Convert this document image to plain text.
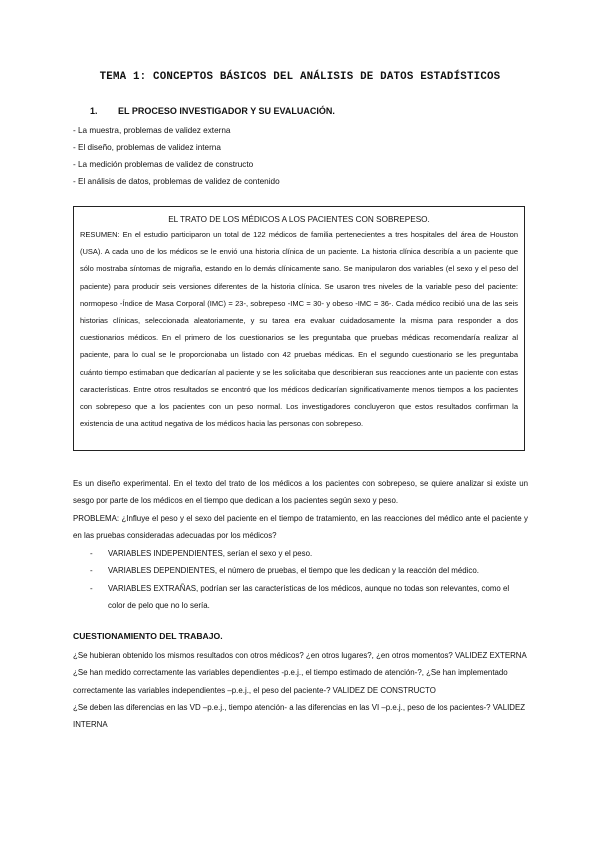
TEMA 1: CONCEPTOS BÁSICOS DEL ANÁLISIS DE DATOS ESTADÍSTICOS
1. EL PROCESO INVESTIGADOR Y SU EVALUACIÓN.
- La muestra, problemas de validez externa
- El diseño, problemas de validez interna
- La medición problemas de validez de constructo
- El análisis de datos, problemas de validez de contenido
EL TRATO DE LOS MÉDICOS A LOS PACIENTES CON SOBREPESO.
RESUMEN: En el estudio participaron un total de 122 médicos de familia pertenecientes a tres hospitales del área de Houston (USA). A cada uno de los médicos se le envió una historia clínica de un paciente. La historia clínica describía a un paciente que sólo mostraba síntomas de migraña, estando en lo demás clínicamente sano. Se manipularon dos variables (el sexo y el peso del paciente) para producir seis versiones diferentes de la historia clínica. Se usaron tres niveles de la variable peso del paciente: normopeso -Índice de Masa Corporal (IMC) = 23-, sobrepeso -IMC = 30- y obeso -IMC = 36-. Cada médico recibió una de las seis historias clínicas, seleccionada aleatoriamente, y su tarea era evaluar cuidadosamente la misma para responder a dos cuestionarios médicos. En el primero de los cuestionarios se les preguntaba que pruebas médicas recomendaría realizar al paciente, para lo cual se le proporcionaba un listado con 42 pruebas médicas. En el segundo cuestionario se les preguntaba cuánto tiempo estimaban que dedicarían al paciente y se les solicitaba que describieran sus reacciones ante un paciente con estas características. Entre otros resultados se encontró que los médicos dedicarían significativamente menos tiempos a los pacientes con sobrepeso que a los pacientes con un peso normal. Los investigadores concluyeron que estos resultados confirman la existencia de una actitud negativa de los médicos hacia las personas con sobrepeso.

Es un diseño experimental. En el texto del trato de los médicos a los pacientes con sobrepeso, se quiere analizar si existe un sesgo por parte de los médicos en el tiempo que dedican a los pacientes según sexo y peso.

PROBLEMA: ¿Influye el peso y el sexo del paciente en el tiempo de tratamiento, en las reacciones del médico ante el paciente y en las pruebas consideradas adecuadas por los médicos?

-	VARIABLES INDEPENDIENTES, serían el sexo y el peso.
-	VARIABLES DEPENDIENTES, el número de pruebas, el tiempo que les dedican y la reacción del médico.
-	VARIABLES EXTRAÑAS, podrían ser las características de los médicos, aunque no todas son relevantes, como el color de pelo que no lo sería.
CUESTIONAMIENTO DEL TRABAJO.

¿Se hubieran obtenido los mismos resultados con otros médicos? ¿en otros lugares?, ¿en otros momentos? VALIDEZ EXTERNA

¿Se han medido correctamente las variables dependientes -p.e.j., el tiempo estimado de atención-?, ¿Se han implementado correctamente las variables independientes –p.e.j., el peso del paciente-? VALIDEZ DE CONSTRUCTO

¿Se deben las diferencias en las VD –p.e.j., tiempo atención- a las diferencias en las VI –p.e.j., peso de los pacientes-? VALIDEZ INTERNA
